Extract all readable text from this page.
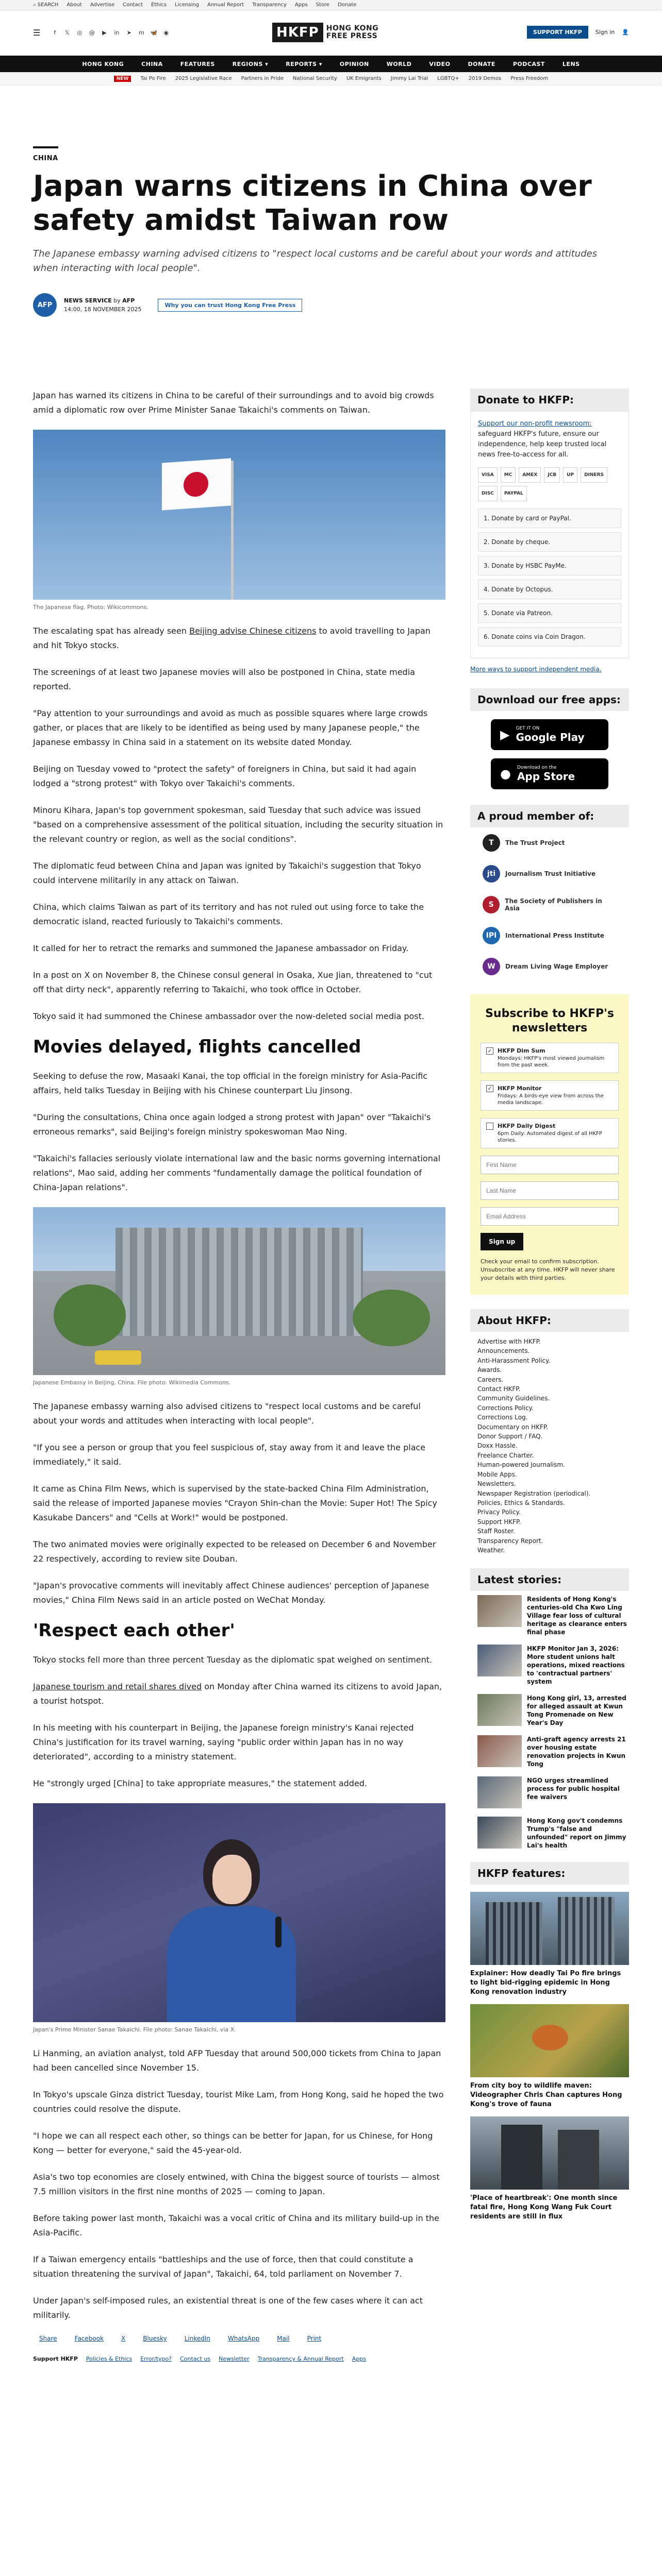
⌕ SEARCH About Advertise Contact Ethics Licensing Annual Report Transparency Apps Store Donate
☰	f	𝕏	◎ @	▶	in	➤	m 🦋 ◉	HKFP	HONG KONG
FREE PRESS	SUPPORT HKFP	Sign in 👤
HONG KONG	CHINA	FEATURES	REGIONS ▾	REPORTS ▾	OPINION	WORLD	VIDEO	DONATE	PODCAST	LENS
NEW	Tai Po Fire 2025 Legislative Race Partners in Pride National Security UK Emigrants Jimmy Lai Trial LGBTQ+ 2019 Demos Press Freedom
CHINA
Japan warns citizens in China over safety amidst Taiwan row
The Japanese embassy warning advised citizens to "respect local customs and be careful about your words and attitudes when interacting with local people".
AFP
NEWS SERVICE by AFP
14:00, 18 NOVEMBER 2025
Why you can trust Hong Kong Free Press

Japan has warned its citizens in China to be careful of their surroundings and to avoid big crowds amid a diplomatic row over Prime Minister Sanae Takaichi's comments on Taiwan.

The Japanese flag. Photo: Wikicommons.

The escalating spat has already seen Beijing advise Chinese citizens to avoid travelling to Japan and hit Tokyo stocks.

The screenings of at least two Japanese movies will also be postponed in China, state media reported.

"Pay attention to your surroundings and avoid as much as possible squares where large crowds gather, or places that are likely to be identified as being used by many Japanese people," the Japanese embassy in China said in a statement on its website dated Monday.

Beijing on Tuesday vowed to "protect the safety" of foreigners in China, but said it had again lodged a "strong protest" with Tokyo over Takaichi's comments.

Minoru Kihara, Japan's top government spokesman, said Tuesday that such advice was issued "based on a comprehensive assessment of the political situation, including the security situation in the relevant country or region, as well as the social conditions".

The diplomatic feud between China and Japan was ignited by Takaichi's suggestion that Tokyo could intervene militarily in any attack on Taiwan.

China, which claims Taiwan as part of its territory and has not ruled out using force to take the democratic island, reacted furiously to Takaichi's comments.

It called for her to retract the remarks and summoned the Japanese ambassador on Friday.

In a post on X on November 8, the Chinese consul general in Osaka, Xue Jian, threatened to "cut off that dirty neck", apparently referring to Takaichi, who took office in October.

Tokyo said it had summoned the Chinese ambassador over the now-deleted social media post.

Movies delayed, flights cancelled

Seeking to defuse the row, Masaaki Kanai, the top official in the foreign ministry for Asia-Pacific affairs, held talks Tuesday in Beijing with his Chinese counterpart Liu Jinsong.

"During the consultations, China once again lodged a strong protest with Japan" over "Takaichi's erroneous remarks", said Beijing's foreign ministry spokeswoman Mao Ning.

"Takaichi's fallacies seriously violate international law and the basic norms governing international relations", Mao said, adding her comments "fundamentally damage the political foundation of China-Japan relations".

Japanese Embassy in Beijing, China. File photo: Wikimedia Commons.

The Japanese embassy warning also advised citizens to "respect local customs and be careful about your words and attitudes when interacting with local people".

"If you see a person or group that you feel suspicious of, stay away from it and leave the place immediately," it said.

It came as China Film News, which is supervised by the state-backed China Film Administration, said the release of imported Japanese movies "Crayon Shin-chan the Movie: Super Hot! The Spicy Kasukabe Dancers" and "Cells at Work!" would be postponed.

The two animated movies were originally expected to be released on December 6 and November 22 respectively, according to review site Douban.

"Japan's provocative comments will inevitably affect Chinese audiences' perception of Japanese movies," China Film News said in an article posted on WeChat Monday.

'Respect each other'

Tokyo stocks fell more than three percent Tuesday as the diplomatic spat weighed on sentiment.

Japanese tourism and retail shares dived on Monday after China warned its citizens to avoid Japan, a tourist hotspot.

In his meeting with his counterpart in Beijing, the Japanese foreign ministry's Kanai rejected China's justification for its travel warning, saying "public order within Japan has in no way deteriorated", according to a ministry statement.

He "strongly urged [China] to take appropriate measures," the statement added.

Japan's Prime Minister Sanae Takaichi. File photo: Sanae Takaichi, via X.

Li Hanming, an aviation analyst, told AFP Tuesday that around 500,000 tickets from China to Japan had been cancelled since November 15.

In Tokyo's upscale Ginza district Tuesday, tourist Mike Lam, from Hong Kong, said he hoped the two countries could resolve the dispute.

"I hope we can all respect each other, so things can be better for Japan, for us Chinese, for Hong Kong — better for everyone," said the 45-year-old.

Asia's two top economies are closely entwined, with China the biggest source of tourists — almost 7.5 million visitors in the first nine months of 2025 — coming to Japan.

Before taking power last month, Takaichi was a vocal critic of China and its military build-up in the Asia-Pacific.

If a Taiwan emergency entails "battleships and the use of force, then that could constitute a situation threatening the survival of Japan", Takaichi, 64, told parliament on November 7.

Under Japan's self-imposed rules, an existential threat is one of the few cases where it can act militarily.

Share	Facebook	X	Bluesky	LinkedIn	WhatsApp	Mail	Print
Support HKFP Policies & Ethics Error/typo? Contact us Newsletter Transparency & Annual Report Apps
Donate to HKFP:
Support our non-profit newsroom: safeguard HKFP's future, ensure our independence, help keep trusted local news free-to-access for all.
VISA	MC	AMEX	JCB	UP	DINERS
DISC	PAYPAL
1. Donate by card or PayPal.
2. Donate by cheque.
3. Donate by HSBC PayMe.
4. Donate by Octopus.
5. Donate via Patreon.
6. Donate coins via Coin Dragon.
More ways to support independent media.
Download our free apps:
▶ GET IT ON
Google Play
● Download on the
App Store
A proud member of:
T	The Trust Project
jti	Journalism Trust Initiative
S	The Society of Publishers in Asia
IPI	International Press Institute
W	Dream Living Wage Employer
Subscribe to HKFP's newsletters
✓ HKFP Dim Sum
Mondays: HKFP's most viewed journalism from the past week.
✓ HKFP Monitor
Fridays: A birds-eye view from across the media landscape.
HKFP Daily Digest
6pm Daily: Automated digest of all HKFP stories.
First Name Last Name Email Address Sign up
Check your email to confirm subscription. Unsubscribe at any time. HKFP will never share your details with third parties.
About HKFP:
Advertise with HKFP.
Announcements.
Anti-Harassment Policy.
Awards.
Careers.
Contact HKFP.
Community Guidelines.
Corrections Policy.
Corrections Log.
Documentary on HKFP.
Donor Support / FAQ.
Doxx Hassle.
Freelance Charter.
Human-powered Journalism.
Mobile Apps.
Newsletters.
Newspaper Registration (periodical).
Policies, Ethics & Standards.
Privacy Policy.
Support HKFP.
Staff Roster.
Transparency Report.
Weather.
Latest stories:
Residents of Hong Kong's centuries-old Cha Kwo Ling Village fear loss of cultural heritage as clearance enters final phase
HKFP Monitor Jan 3, 2026: More student unions halt operations, mixed reactions to 'contractual partners' system
Hong Kong girl, 13, arrested for alleged assault at Kwun Tong Promenade on New Year's Day
Anti-graft agency arrests 21 over housing estate renovation projects in Kwun Tong
NGO urges streamlined process for public hospital fee waivers
Hong Kong gov't condemns Trump's "false and unfounded" report on Jimmy Lai's health
HKFP features:
Explainer: How deadly Tai Po fire brings to light bid-rigging epidemic in Hong Kong renovation industry
From city boy to wildlife maven: Videographer Chris Chan captures Hong Kong's trove of fauna
'Place of heartbreak': One month since fatal fire, Hong Kong Wang Fuk Court residents are still in flux
